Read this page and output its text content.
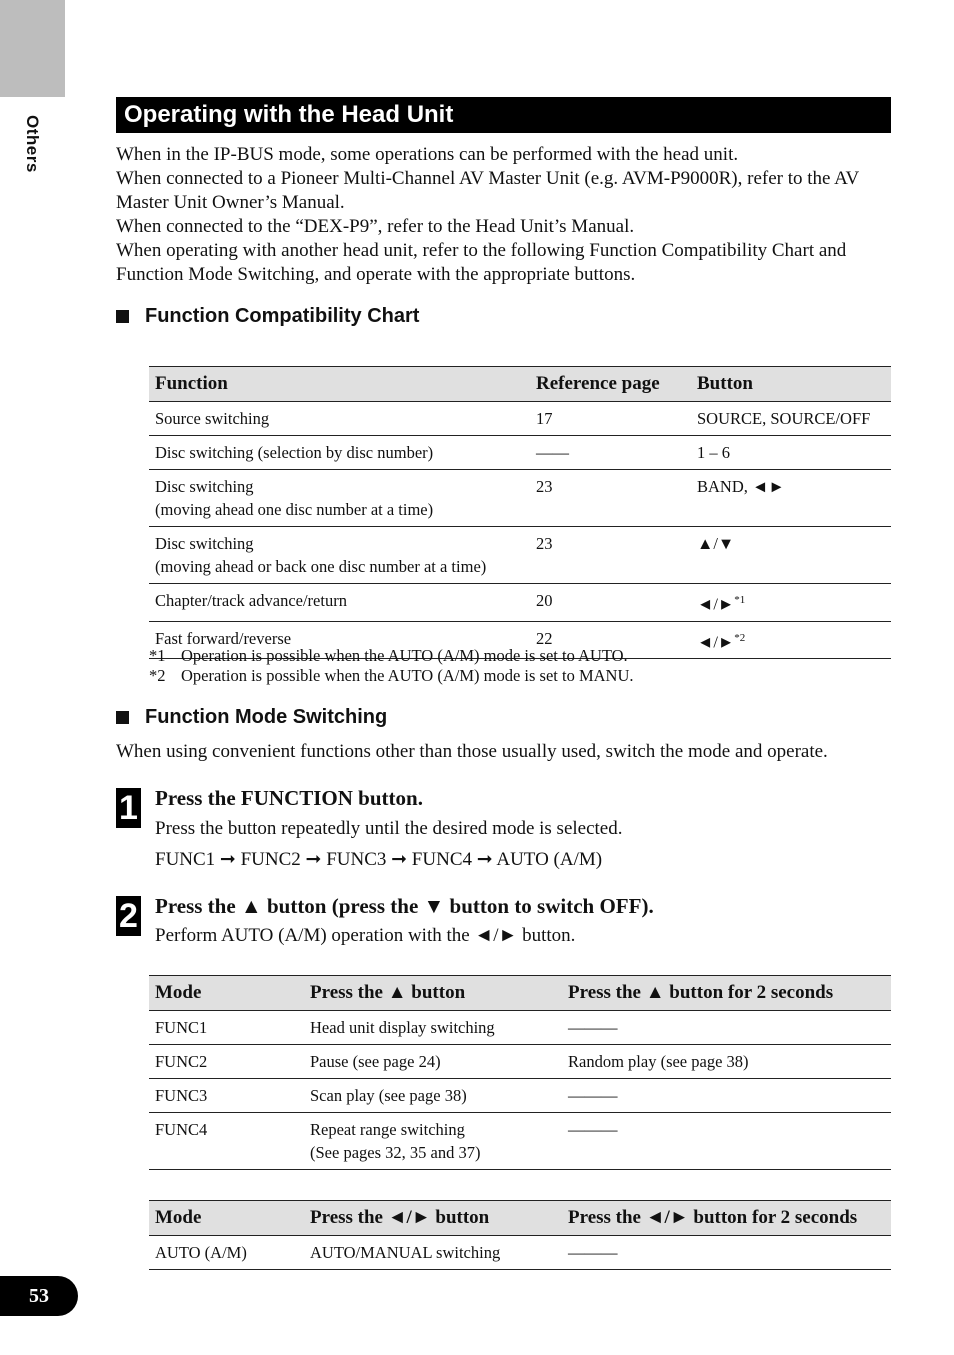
Others
Operating with the Head Unit
When in the IP-BUS mode, some operations can be performed with the head unit.
When connected to a Pioneer Multi-Channel AV Master Unit (e.g. AVM-P9000R), refer to the AV Master Unit Owner’s Manual.
When connected to the “DEX-P9”, refer to the Head Unit’s Manual.
When operating with another head unit, refer to the following Function Compatibility Chart and Function Mode Switching, and operate with the appropriate buttons.
Function Compatibility Chart
Function	Reference page	Button

Source switching	17	SOURCE, SOURCE/OFF

Disc switching (selection by disc number)	——	1 – 6

Disc switching
(moving ahead one disc number at a time)	23	BAND, ◄►

Disc switching
(moving ahead or back one disc number at a time)	23	▲/▼

Chapter/track advance/return	20	◄/►$^{*1}$

Fast forward/reverse	22	◄/►$^{*2}$
*1 Operation is possible when the AUTO (A/M) mode is set to AUTO.
*2 Operation is possible when the AUTO (A/M) mode is set to MANU.
Function Mode Switching
When using convenient functions other than those usually used, switch the mode and operate.
1 Press the FUNCTION button.
Press the button repeatedly until the desired mode is selected.
FUNC1 ➞ FUNC2 ➞ FUNC3 ➞ FUNC4 ➞ AUTO (A/M)
2 Press the ▲ button (press the ▼ button to switch OFF).
Perform AUTO (A/M) operation with the ◄/► button.
Mode	Press the ▲ button	Press the ▲ button for 2 seconds
FUNC1	Head unit display switching	———
FUNC2	Pause (see page 24)	Random play (see page 38)
FUNC3	Scan play (see page 38)	———
FUNC4	Repeat range switching
(See pages 32, 35 and 37)	———
Mode	Press the ◄/► button	Press the ◄/► button for 2 seconds
AUTO (A/M)	AUTO/MANUAL switching	———
53
